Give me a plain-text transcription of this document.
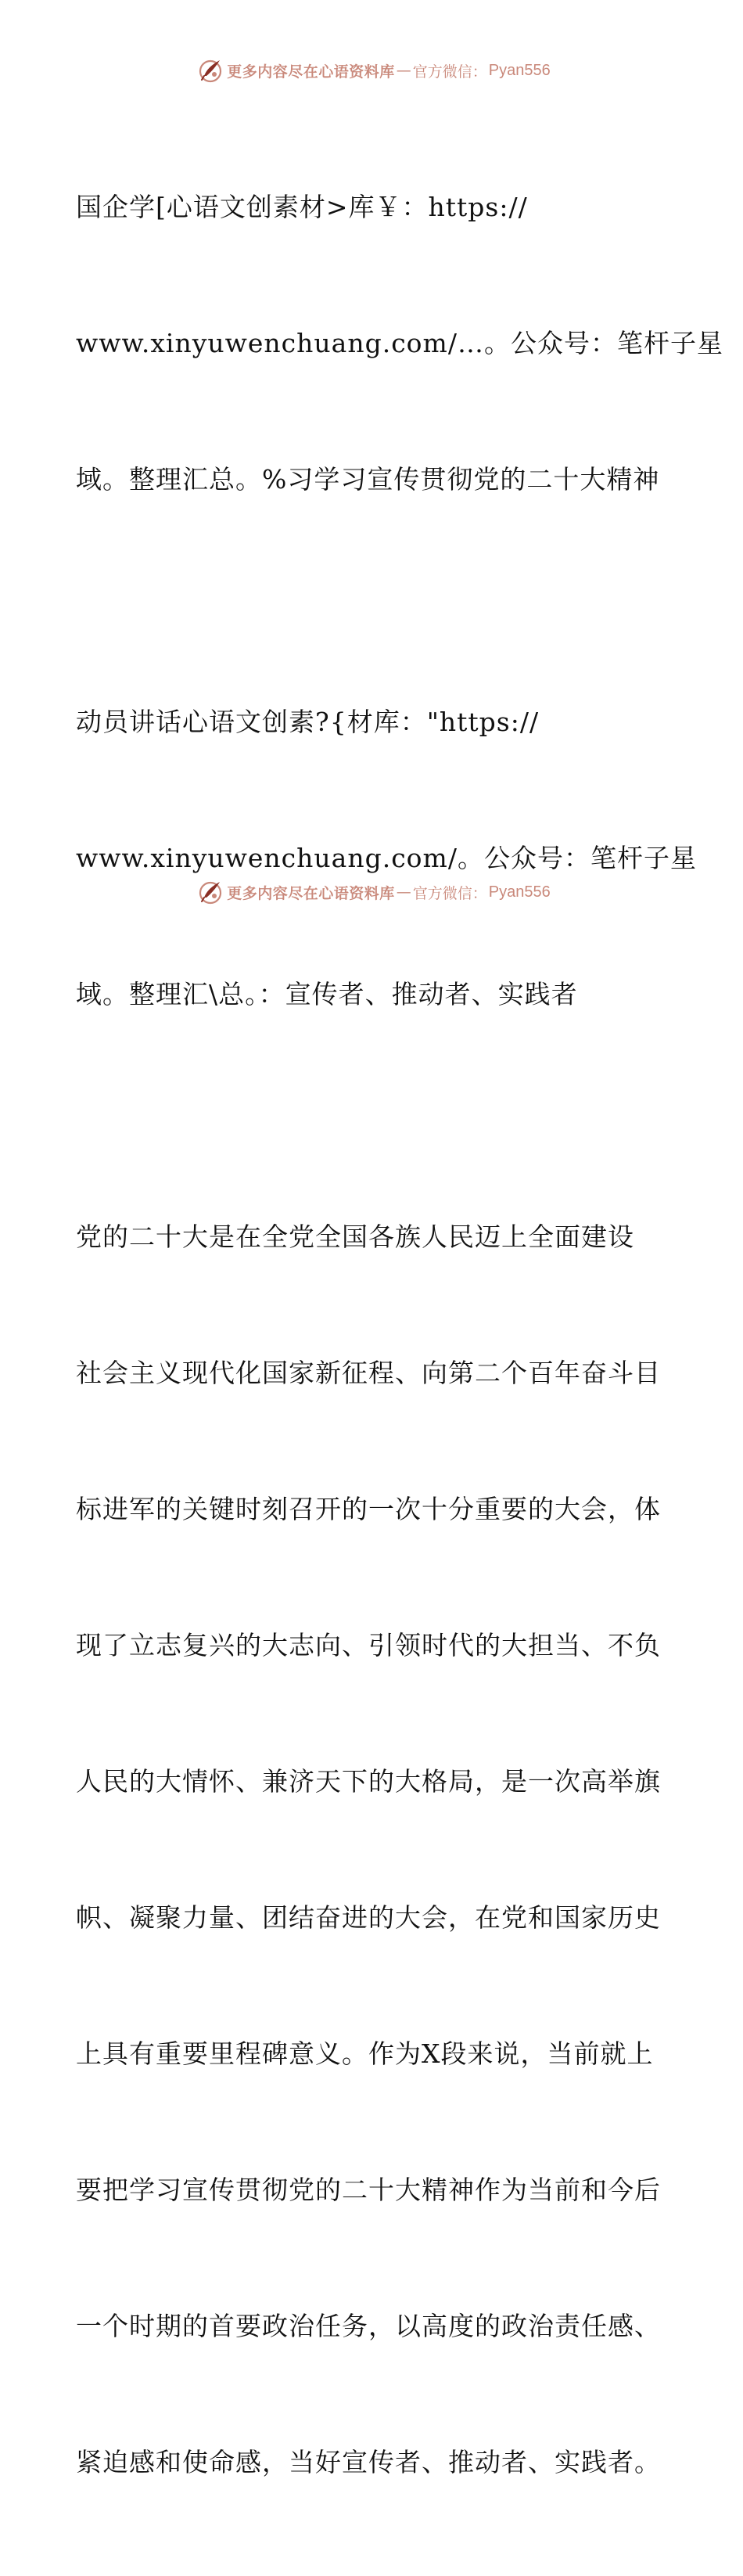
更多内容尽在心语资料库 — 官方微信： Pyan556

国企学[心语文创素材>库￥：https://

www.xinyuwenchuang.com/…。公众号：笔杆子星

域。整理汇总。%习学习宣传贯彻党的二十大精神

动员讲话心语文创素?{材库："https://

www.xinyuwenchuang.com/。公众号：笔杆子星

域。整理汇\总。：宣传者、推动者、实践者

党的二十大是在全党全国各族人民迈上全面建设

社会主义现代化国家新征程、向第二个百年奋斗目

标进军的关键时刻召开的一次十分重要的大会，体

现了立志复兴的大志向、引领时代的大担当、不负

人民的大情怀、兼济天下的大格局，是一次高举旗

帜、凝聚力量、团结奋进的大会，在党和国家历史

上具有重要里程碑意义。作为X段来说，当前就上

要把学习宣传贯彻党的二十大精神作为当前和今后

一个时期的首要政治任务，以高度的政治责任感、

紧迫感和使命感，当好宣传者、推动者、实践者。

更多内容尽在心语资料库 — 官方微信： Pyan556
